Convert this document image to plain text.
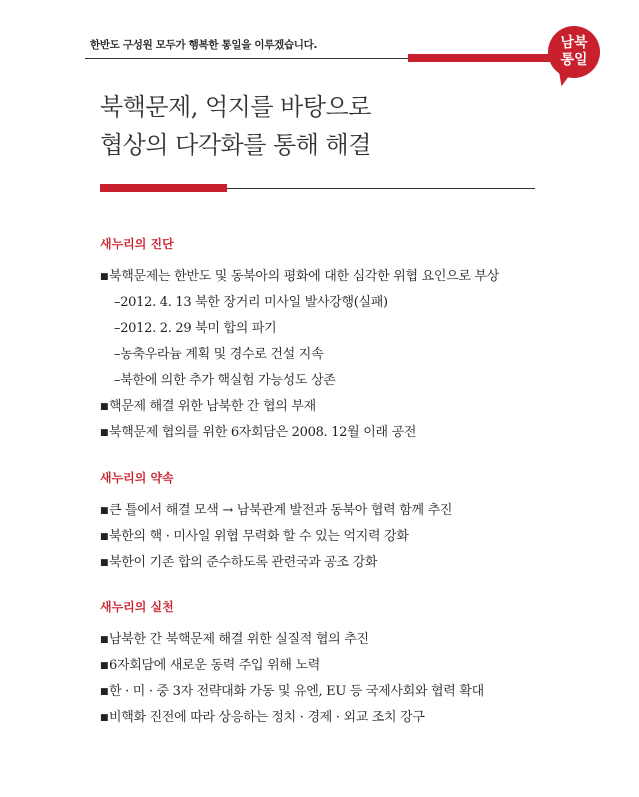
한반도 구성원 모두가 행복한 통일을 이루겠습니다.	남북
통일
북핵문제, 억지를 바탕으로
협상의 다각화를 통해 해결
새누리의 진단
■북핵문제는 한반도 및 동북아의 평화에 대한 심각한 위협 요인으로 부상
–2012. 4. 13 북한 장거리 미사일 발사강행(실패)
–2012. 2. 29 북미 합의 파기
–농축우라늄 계획 및 경수로 건설 지속
–북한에 의한 추가 핵실험 가능성도 상존
■핵문제 해결 위한 남북한 간 협의 부재
■북핵문제 협의를 위한 6자회담은 2008. 12월 이래 공전
새누리의 약속
■큰 틀에서 해결 모색 → 남북관계 발전과 동북아 협력 함께 추진
■북한의 핵 · 미사일 위협 무력화 할 수 있는 억지력 강화
■북한이 기존 합의 준수하도록 관련국과 공조 강화
새누리의 실천
■남북한 간 북핵문제 해결 위한 실질적 협의 추진
■6자회담에 새로운 동력 주입 위해 노력
■한 · 미 · 중 3자 전략대화 가동 및 유엔, EU 등 국제사회와 협력 확대
■비핵화 진전에 따라 상응하는 정치 · 경제 · 외교 조치 강구
